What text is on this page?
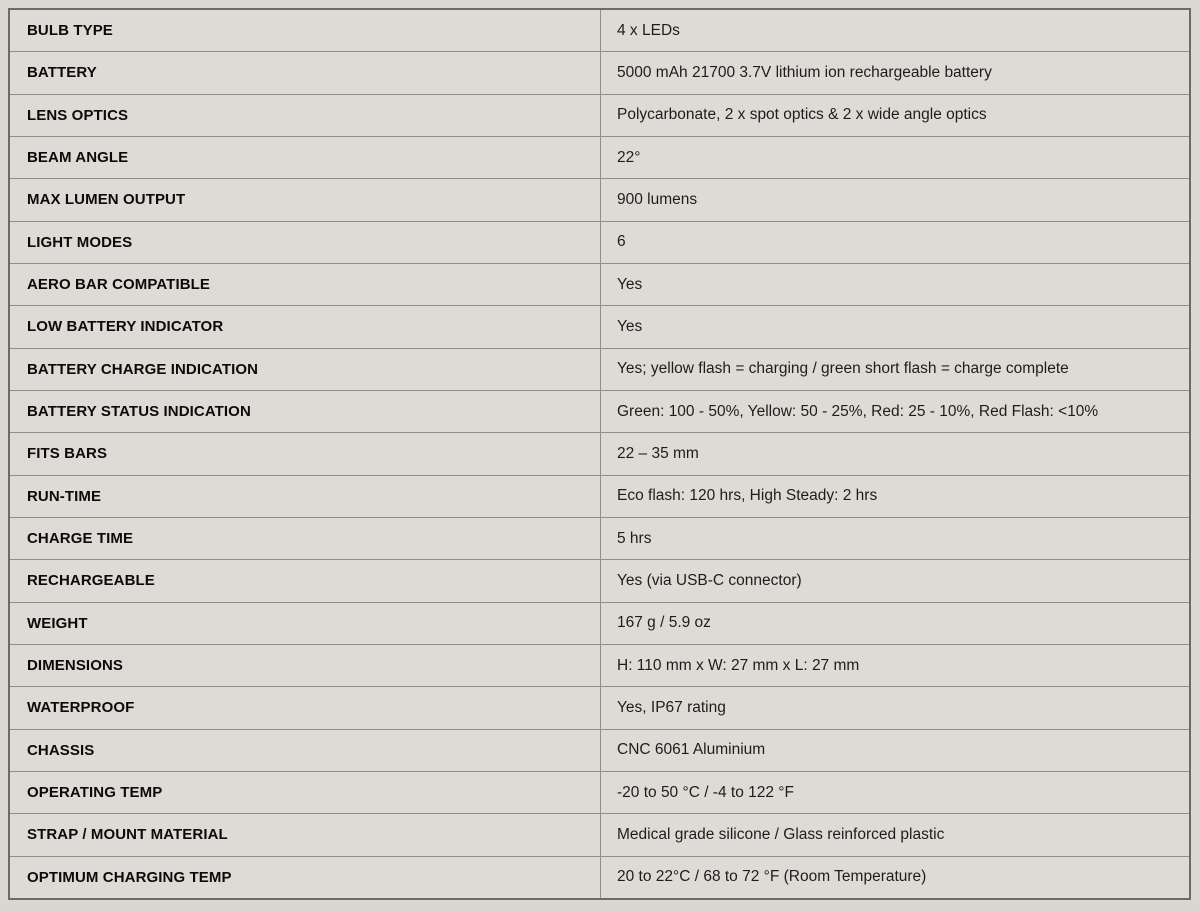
BULB TYPE	4 x LEDs
BATTERY	5000 mAh 21700 3.7V lithium ion rechargeable battery
LENS OPTICS	Polycarbonate, 2 x spot optics & 2 x wide angle optics
BEAM ANGLE	22°
MAX LUMEN OUTPUT	900 lumens
LIGHT MODES	6
AERO BAR COMPATIBLE	Yes
LOW BATTERY INDICATOR	Yes
BATTERY CHARGE INDICATION	Yes; yellow flash = charging / green short flash = charge complete
BATTERY STATUS INDICATION	Green: 100 - 50%, Yellow: 50 - 25%, Red: 25 - 10%, Red Flash: <10%
FITS BARS	22 – 35 mm
RUN-TIME	Eco flash: 120 hrs, High Steady: 2 hrs
CHARGE TIME	5 hrs
RECHARGEABLE	Yes (via USB-C connector)
WEIGHT	167 g / 5.9 oz
DIMENSIONS	H: 110 mm x W: 27 mm x L: 27 mm
WATERPROOF	Yes, IP67 rating
CHASSIS	CNC 6061 Aluminium
OPERATING TEMP	-20 to 50 °C / -4 to 122 °F
STRAP / MOUNT MATERIAL	Medical grade silicone / Glass reinforced plastic
OPTIMUM CHARGING TEMP	20 to 22°C / 68 to 72 °F (Room Temperature)
